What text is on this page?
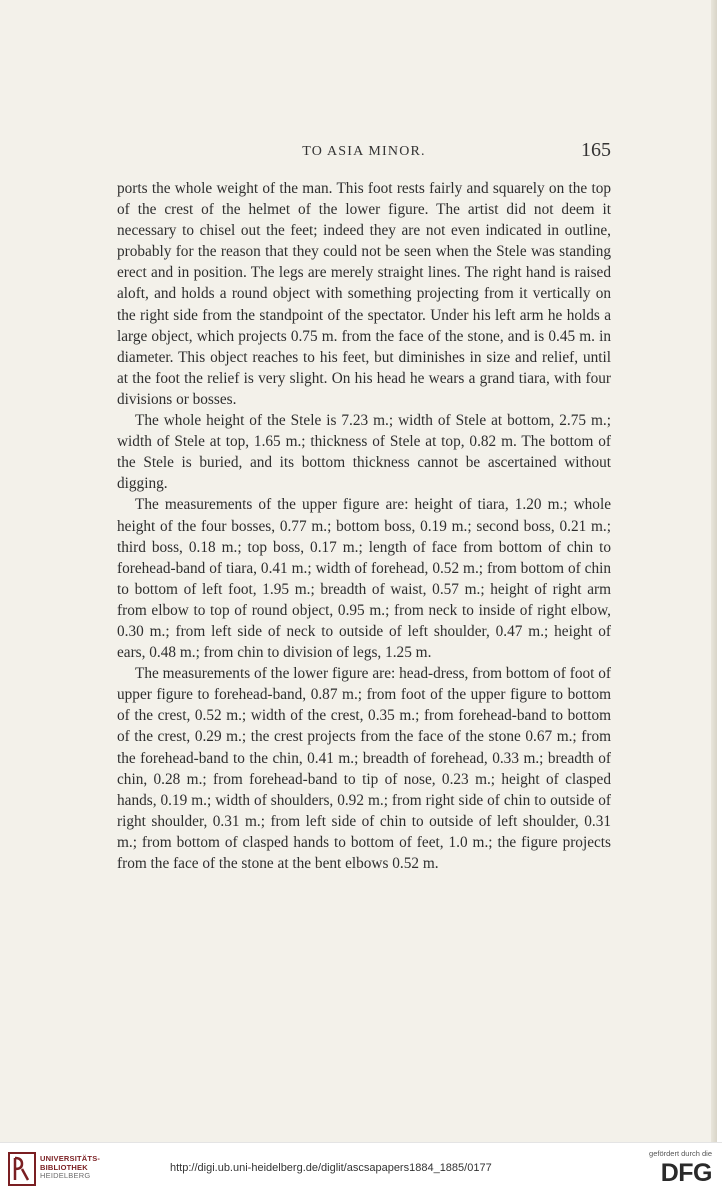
TO ASIA MINOR.	165

ports the whole weight of the man. This foot rests fairly and squarely on the top of the crest of the helmet of the lower figure. The artist did not deem it necessary to chisel out the feet; indeed they are not even indicated in outline, probably for the reason that they could not be seen when the Stele was standing erect and in position. The legs are merely straight lines. The right hand is raised aloft, and holds a round object with something projecting from it vertically on the right side from the standpoint of the spectator. Under his left arm he holds a large object, which projects 0.75 m. from the face of the stone, and is 0.45 m. in diameter. This object reaches to his feet, but diminishes in size and relief, until at the foot the relief is very slight. On his head he wears a grand tiara, with four divisions or bosses.

The whole height of the Stele is 7.23 m.; width of Stele at bottom, 2.75 m.; width of Stele at top, 1.65 m.; thickness of Stele at top, 0.82 m. The bottom of the Stele is buried, and its bottom thickness cannot be ascertained without digging.

The measurements of the upper figure are: height of tiara, 1.20 m.; whole height of the four bosses, 0.77 m.; bottom boss, 0.19 m.; second boss, 0.21 m.; third boss, 0.18 m.; top boss, 0.17 m.; length of face from bottom of chin to forehead-band of tiara, 0.41 m.; width of forehead, 0.52 m.; from bottom of chin to bottom of left foot, 1.95 m.; breadth of waist, 0.57 m.; height of right arm from elbow to top of round object, 0.95 m.; from neck to inside of right elbow, 0.30 m.; from left side of neck to outside of left shoulder, 0.47 m.; height of ears, 0.48 m.; from chin to division of legs, 1.25 m.

The measurements of the lower figure are: head-dress, from bottom of foot of upper figure to forehead-band, 0.87 m.; from foot of the upper figure to bottom of the crest, 0.52 m.; width of the crest, 0.35 m.; from forehead-band to bottom of the crest, 0.29 m.; the crest projects from the face of the stone 0.67 m.; from the forehead-band to the chin, 0.41 m.; breadth of forehead, 0.33 m.; breadth of chin, 0.28 m.; from forehead-band to tip of nose, 0.23 m.; height of clasped hands, 0.19 m.; width of shoulders, 0.92 m.; from right side of chin to outside of right shoulder, 0.31 m.; from left side of chin to outside of left shoulder, 0.31 m.; from bottom of clasped hands to bottom of feet, 1.0 m.; the figure projects from the face of the stone at the bent elbows 0.52 m.

UNIVERSITÄTS-
BIBLIOTHEK
HEIDELBERG
http://digi.ub.uni-heidelberg.de/diglit/ascsapapers1884_1885/0177
gefördert durch die
DFG
